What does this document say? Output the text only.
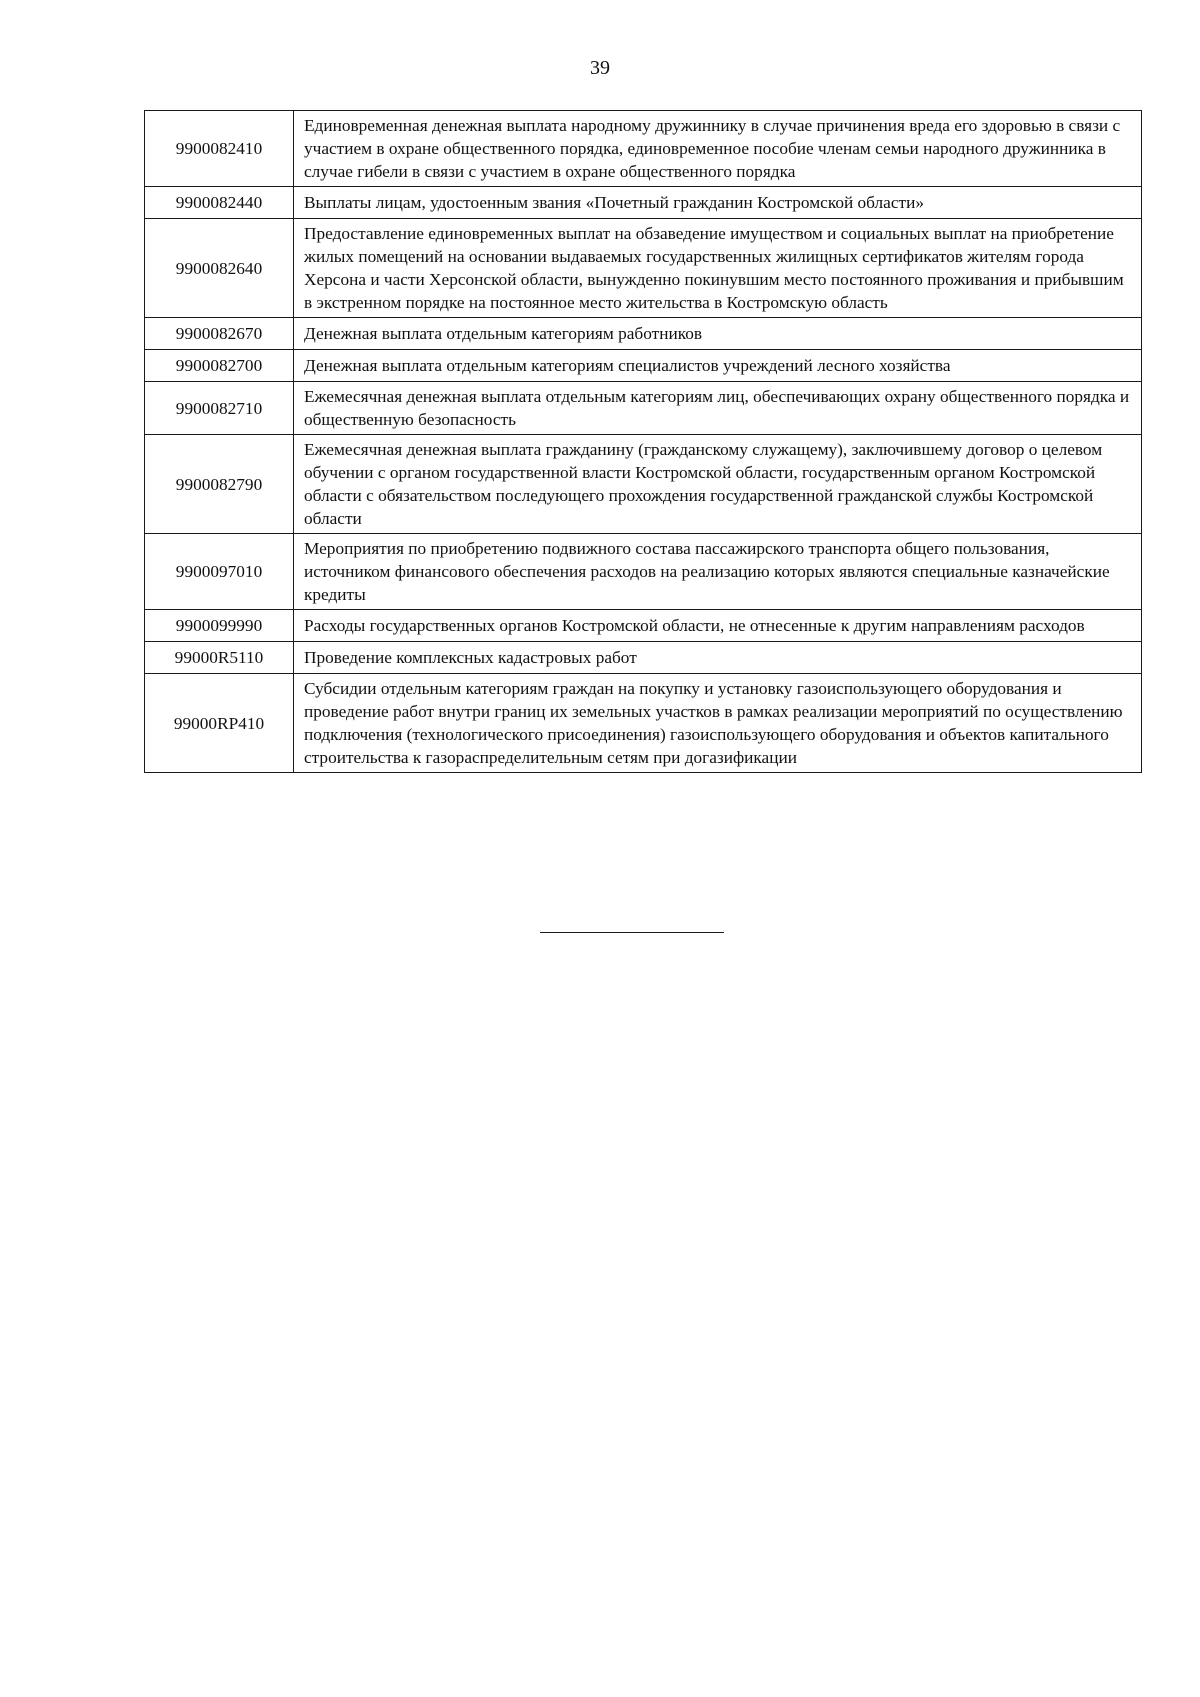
39
9900082410	Единовременная денежная выплата народному дружиннику в случае причинения вреда его здоровью в связи с участием в охране общественного порядка, единовременное пособие членам семьи народного дружинника в случае гибели в связи с участием в охране общественного порядка
9900082440	Выплаты лицам, удостоенным звания «Почетный гражданин Костромской области»
9900082640	Предоставление единовременных выплат на обзаведение имуществом и социальных выплат на приобретение жилых помещений на основании выдаваемых государственных жилищных сертификатов жителям города Херсона и части Херсонской области, вынужденно покинувшим место постоянного проживания и прибывшим в экстренном порядке на постоянное место жительства в Костромскую область
9900082670	Денежная выплата отдельным категориям работников
9900082700	Денежная выплата отдельным категориям специалистов учреждений лесного хозяйства
9900082710	Ежемесячная денежная выплата отдельным категориям лиц, обеспечивающих охрану общественного порядка и общественную безопасность
9900082790	Ежемесячная денежная выплата гражданину (гражданскому служащему), заключившему договор о целевом обучении с органом государственной власти Костромской области, государственным органом Костромской области с обязательством последующего прохождения государственной гражданской службы Костромской области
9900097010	Мероприятия по приобретению подвижного состава пассажирского транспорта общего пользования, источником финансового обеспечения расходов на реализацию которых являются специальные казначейские кредиты
9900099990	Расходы государственных органов Костромской области, не отнесенные к другим направлениям расходов
99000R5110	Проведение комплексных кадастровых работ
99000RP410	Субсидии отдельным категориям граждан на покупку и установку газоиспользующего оборудования и проведение работ внутри границ их земельных участков в рамках реализации мероприятий по осуществлению подключения (технологического присоединения) газоиспользующего оборудования и объектов капитального строительства к газораспределительным сетям при догазификации
